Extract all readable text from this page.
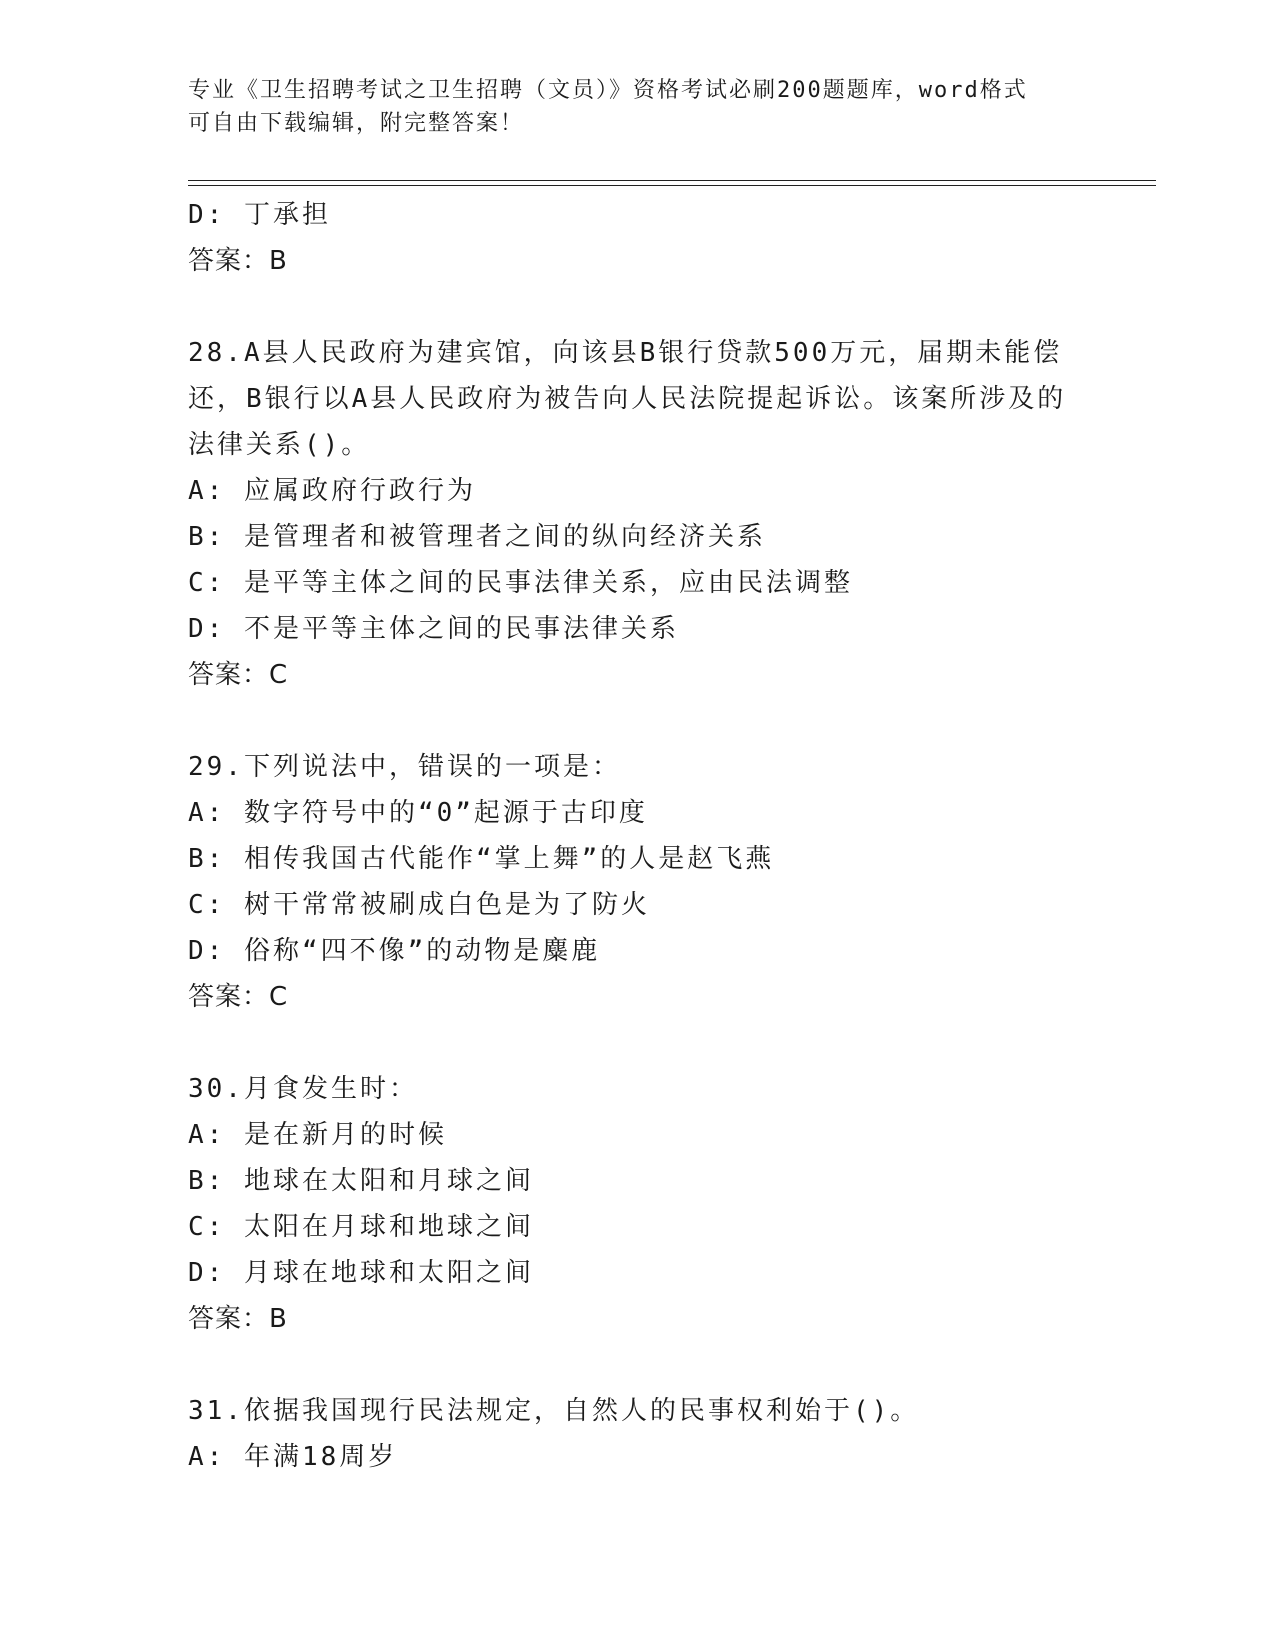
专业《卫生招聘考试之卫生招聘（文员）》资格考试必刷200题题库，word格式
可自由下载编辑，附完整答案！
D: 丁承担
答案：B
28.A县人民政府为建宾馆，向该县B银行贷款500万元，届期未能偿
还，B银行以A县人民政府为被告向人民法院提起诉讼。该案所涉及的
法律关系()。
A: 应属政府行政行为
B: 是管理者和被管理者之间的纵向经济关系
C: 是平等主体之间的民事法律关系，应由民法调整
D: 不是平等主体之间的民事法律关系
答案：C
29.下列说法中，错误的一项是：
A: 数字符号中的“0”起源于古印度
B: 相传我国古代能作“掌上舞”的人是赵飞燕
C: 树干常常被刷成白色是为了防火
D: 俗称“四不像”的动物是麋鹿
答案：C
30.月食发生时：
A: 是在新月的时候
B: 地球在太阳和月球之间
C: 太阳在月球和地球之间
D: 月球在地球和太阳之间
答案：B
31.依据我国现行民法规定，自然人的民事权利始于()。
A: 年满18周岁
